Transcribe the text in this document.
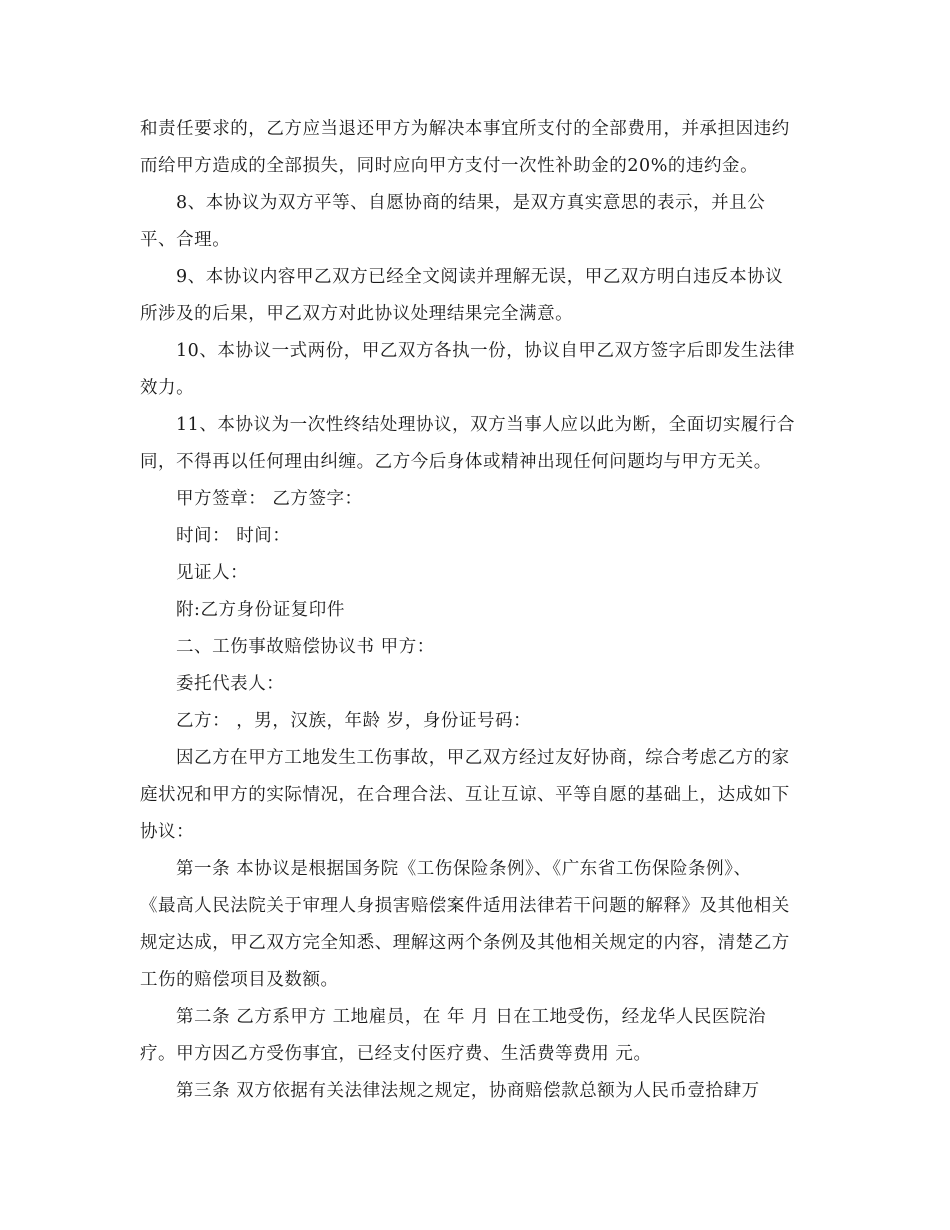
和责任要求的，乙方应当退还甲方为解决本事宜所支付的全部费用，并承担因违约
而给甲方造成的全部损失，同时应向甲方支付一次性补助金的20%的违约金。
8、本协议为双方平等、自愿协商的结果，是双方真实意思的表示，并且公
平、合理。
9、本协议内容甲乙双方已经全文阅读并理解无误，甲乙双方明白违反本协议
所涉及的后果，甲乙双方对此协议处理结果完全满意。
10、本协议一式两份，甲乙双方各执一份，协议自甲乙双方签字后即发生法律
效力。
11、本协议为一次性终结处理协议，双方当事人应以此为断，全面切实履行合
同，不得再以任何理由纠缠。乙方今后身体或精神出现任何问题均与甲方无关。
甲方签章： 乙方签字：
时间： 时间：
见证人：
附:乙方身份证复印件
二、工伤事故赔偿协议书 甲方：
委托代表人：
乙方： ，男，汉族，年龄 岁，身份证号码：
因乙方在甲方工地发生工伤事故，甲乙双方经过友好协商，综合考虑乙方的家
庭状况和甲方的实际情况，在合理合法、互让互谅、平等自愿的基础上，达成如下
协议：
第一条 本协议是根据国务院《工伤保险条例》、《广东省工伤保险条例》、
《最高人民法院关于审理人身损害赔偿案件适用法律若干问题的解释》及其他相关
规定达成，甲乙双方完全知悉、理解这两个条例及其他相关规定的内容，清楚乙方
工伤的赔偿项目及数额。
第二条 乙方系甲方 工地雇员，在 年 月 日在工地受伤，经龙华人民医院治
疗。甲方因乙方受伤事宜，已经支付医疗费、生活费等费用 元。
第三条 双方依据有关法律法规之规定，协商赔偿款总额为人民币壹拾肆万
